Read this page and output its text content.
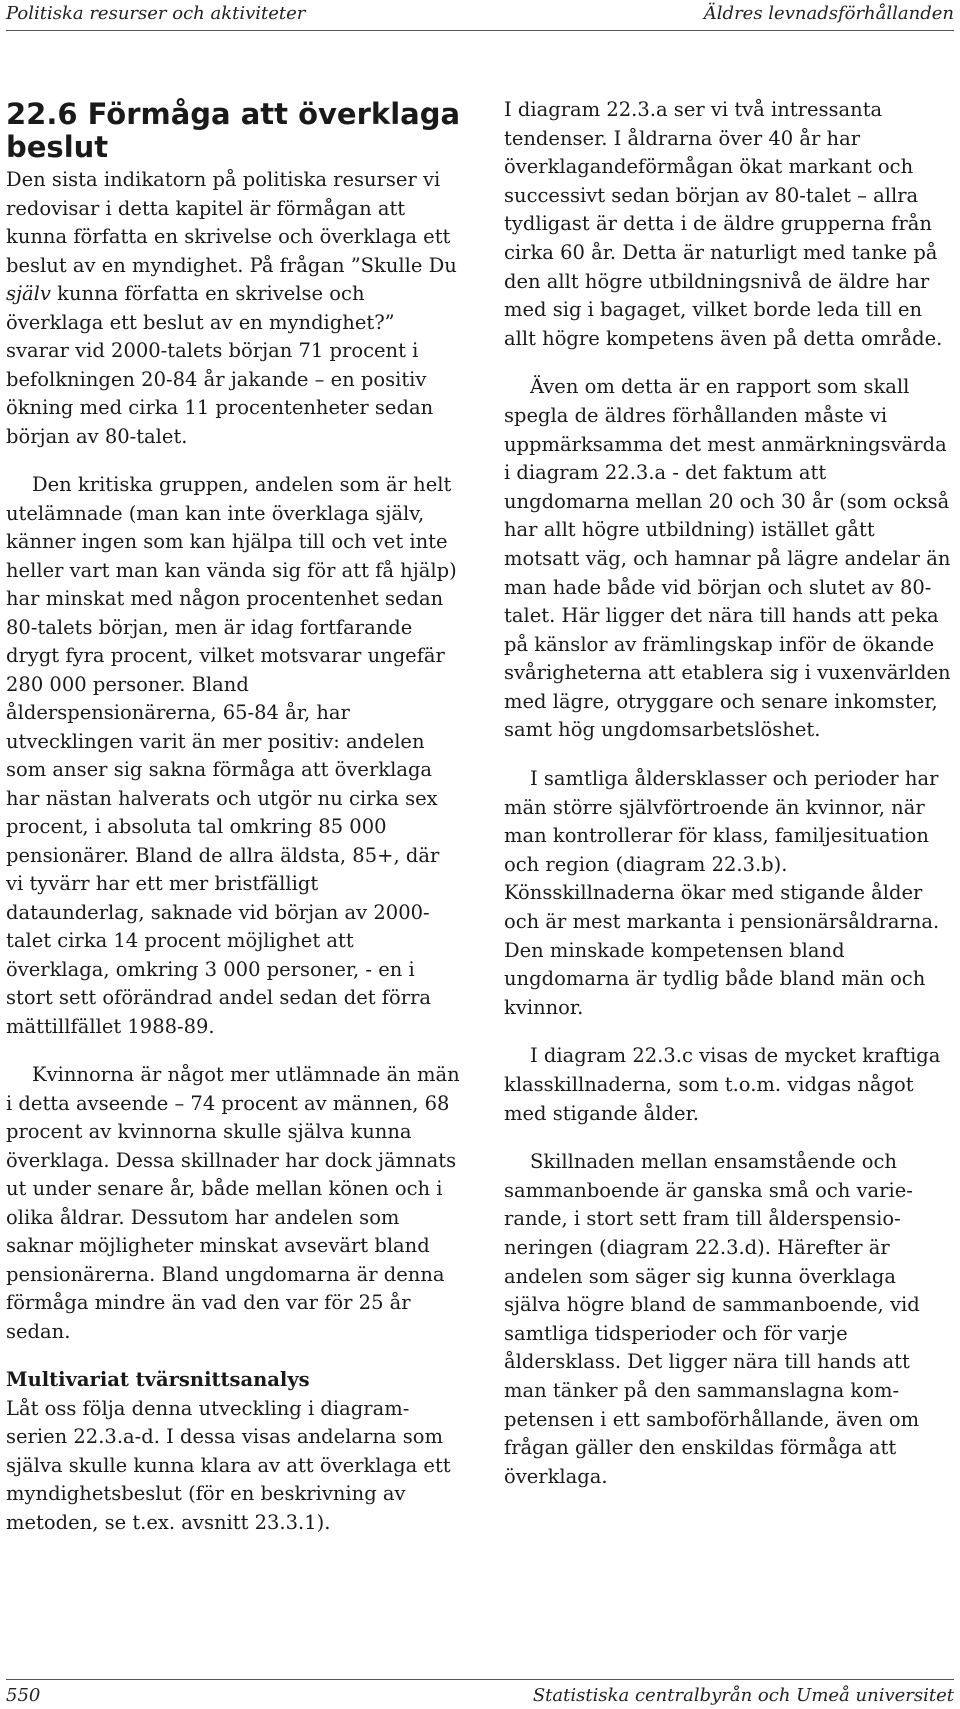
Politiska resurser och aktiviteter	Äldres levnadsförhållanden
22.6 Förmåga att överklaga beslut

Den sista indikatorn på politiska resurser vi redovisar i detta kapitel är förmågan att kunna författa en skrivelse och överklaga ett beslut av en myndighet. På frågan ”Skulle Du själv kunna författa en skrivelse och överklaga ett beslut av en myndighet?” svarar vid 2000-talets början 71 procent i befolkningen 20-84 år jakande – en positiv ökning med cirka 11 procentenheter sedan början av 80-talet.

Den kritiska gruppen, andelen som är helt utelämnade (man kan inte överklaga själv, känner ingen som kan hjälpa till och vet inte heller vart man kan vända sig för att få hjälp) har minskat med någon procentenhet sedan 80-talets början, men är idag fortfarande drygt fyra procent, vilket motsvarar ungefär 280 000 personer. Bland ålderspensionärerna, 65-84 år, har utvecklingen varit än mer positiv: andelen som anser sig sakna förmåga att överklaga har nästan halverats och utgör nu cirka sex procent, i absoluta tal omkring 85 000 pensionärer. Bland de allra äldsta, 85+, där vi tyvärr har ett mer bristfälligt dataunderlag, saknade vid början av 2000-talet cirka 14 procent möjlighet att överklaga, omkring 3 000 personer, - en i stort sett oförändrad andel sedan det förra mättillfället 1988-89.

Kvinnorna är något mer utlämnade än män i detta avseende – 74 procent av männen, 68 procent av kvinnorna skulle själva kunna överklaga. Dessa skillnader har dock jämnats ut under senare år, både mellan könen och i olika åldrar. Dessutom har andelen som saknar möjligheter minskat avsevärt bland pensionärerna. Bland ungdomarna är denna förmåga mindre än vad den var för 25 år sedan.

Multivariat tvärsnittsanalys

Låt oss följa denna utveckling i diagramserien 22.3.a-d. I dessa visas andelarna som själva skulle kunna klara av att överklaga ett myndighetsbeslut (för en beskrivning av metoden, se t.ex. avsnitt 23.3.1).

I diagram 22.3.a ser vi två intressanta tendenser. I åldrarna över 40 år har överklagandeförmågan ökat markant och successivt sedan början av 80-talet – allra tydligast är detta i de äldre grupperna från cirka 60 år. Detta är naturligt med tanke på den allt högre utbildningsnivå de äldre har med sig i bagaget, vilket borde leda till en allt högre kompetens även på detta område.

Även om detta är en rapport som skall spegla de äldres förhållanden måste vi uppmärksamma det mest anmärkningsvärda i diagram 22.3.a - det faktum att ungdomarna mellan 20 och 30 år (som också har allt högre utbildning) istället gått motsatt väg, och hamnar på lägre andelar än man hade både vid början och slutet av 80-talet. Här ligger det nära till hands att peka på känslor av främlingskap inför de ökande svårigheterna att etablera sig i vuxenvärlden med lägre, otryggare och senare inkomster, samt hög ungdomsarbetslöshet.

I samtliga åldersklasser och perioder har män större självförtroende än kvinnor, när man kontrollerar för klass, familjesituation och region (diagram 22.3.b). Könsskillnaderna ökar med stigande ålder och är mest markanta i pensionärsåldrarna. Den minskade kompetensen bland ungdomarna är tydlig både bland män och kvinnor.

I diagram 22.3.c visas de mycket kraftiga klasskillnaderna, som t.o.m. vidgas något med stigande ålder.

Skillnaden mellan ensamstående och sammanboende är ganska små och varierande, i stort sett fram till ålderspensioneringen (diagram 22.3.d). Härefter är andelen som säger sig kunna överklaga själva högre bland de sammanboende, vid samtliga tidsperioder och för varje åldersklass. Det ligger nära till hands att man tänker på den sammanslagna kompetensen i ett samboförhållande, även om frågan gäller den enskildas förmåga att överklaga.

550	Statistiska centralbyrån och Umeå universitet
